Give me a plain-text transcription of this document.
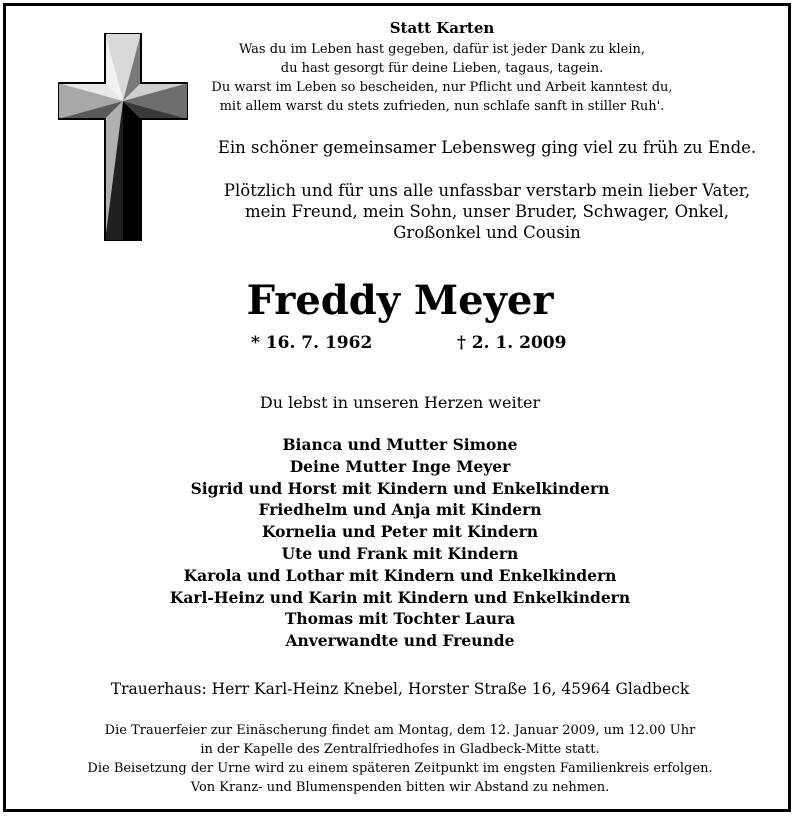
Statt Karten
Was du im Leben hast gegeben, dafür ist jeder Dank zu klein,
du hast gesorgt für deine Lieben, tagaus, tagein.
Du warst im Leben so bescheiden, nur Pflicht und Arbeit kanntest du,
mit allem warst du stets zufrieden, nun schlafe sanft in stiller Ruh'.
Ein schöner gemeinsamer Lebensweg ging viel zu früh zu Ende.
Plötzlich und für uns alle unfassbar verstarb mein lieber Vater,
mein Freund, mein Sohn, unser Bruder, Schwager, Onkel,
Großonkel und Cousin
Freddy Meyer
* 16. 7. 1962	† 2. 1. 2009
Du lebst in unseren Herzen weiter
Bianca und Mutter Simone
Deine Mutter Inge Meyer
Sigrid und Horst mit Kindern und Enkelkindern
Friedhelm und Anja mit Kindern
Kornelia und Peter mit Kindern
Ute und Frank mit Kindern
Karola und Lothar mit Kindern und Enkelkindern
Karl-Heinz und Karin mit Kindern und Enkelkindern
Thomas mit Tochter Laura
Anverwandte und Freunde
Trauerhaus: Herr Karl-Heinz Knebel, Horster Straße 16, 45964 Gladbeck
Die Trauerfeier zur Einäscherung findet am Montag, dem 12. Januar 2009, um 12.00 Uhr
in der Kapelle des Zentralfriedhofes in Gladbeck-Mitte statt.
Die Beisetzung der Urne wird zu einem späteren Zeitpunkt im engsten Familienkreis erfolgen.
Von Kranz- und Blumenspenden bitten wir Abstand zu nehmen.
